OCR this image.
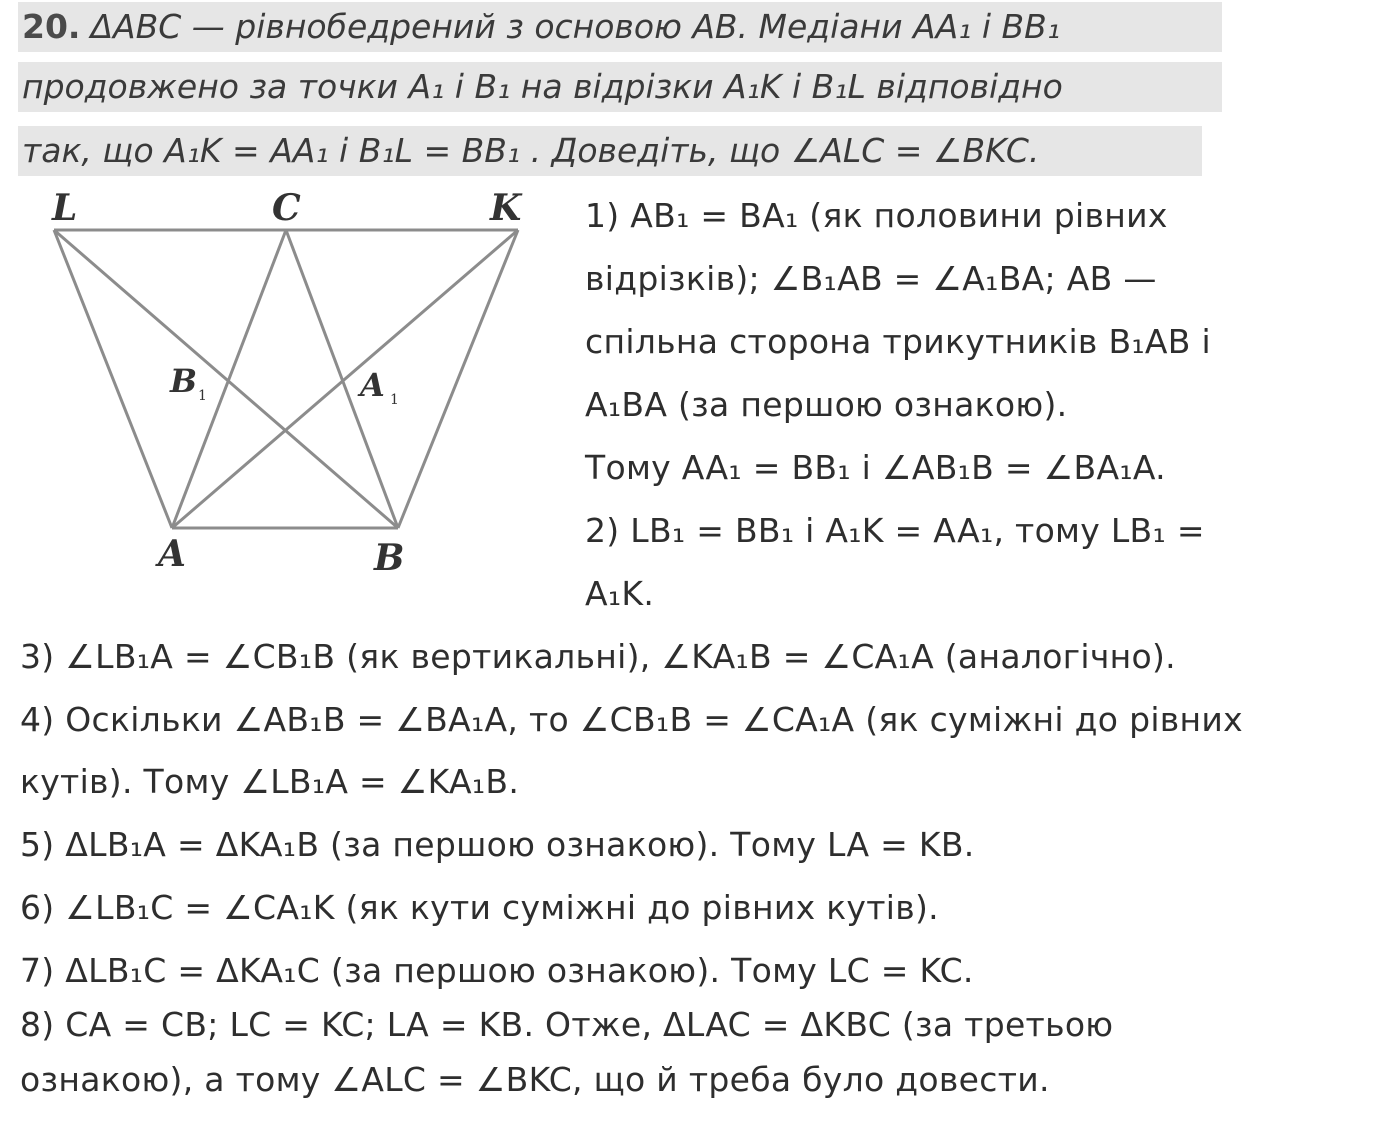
20. ΔABC — рівнобедрений з основою AB. Медіани AA₁ і BB₁
продовжено за точки A₁ і B₁ на відрізки A₁K і B₁L відповідно
так, що A₁K = AA₁ і B₁L = BB₁ . Доведіть, що ∠ALC = ∠BKC.
L	C	K
B 1	A 1
A	B
1) AB₁ = BA₁ (як половини рівних
відрізків); ∠B₁AB = ∠A₁BA; AB —
спільна сторона трикутників B₁AB і
A₁BA (за першою ознакою).
Тому AA₁ = BB₁ і ∠AB₁B = ∠BA₁A.
2) LB₁ = BB₁ і A₁K = AA₁, тому LB₁ =
A₁K.
3) ∠LB₁A = ∠CB₁B (як вертикальні), ∠KA₁B = ∠CA₁A (аналогічно).
4) Оскільки ∠AB₁B = ∠BA₁A, то ∠CB₁B = ∠CA₁A (як суміжні до рівних
кутів). Тому ∠LB₁A = ∠KA₁B.
5) ΔLB₁A = ΔKA₁B (за першою ознакою). Тому LA = KB.
6) ∠LB₁C = ∠CA₁K (як кути суміжні до рівних кутів).
7) ΔLB₁C = ΔKA₁C (за першою ознакою). Тому LC = KC.
8) CA = CB; LC = KC; LA = KB. Отже, ΔLAC = ΔKBC (за третьою
ознакою), а тому ∠ALC = ∠BKC, що й треба було довести.
